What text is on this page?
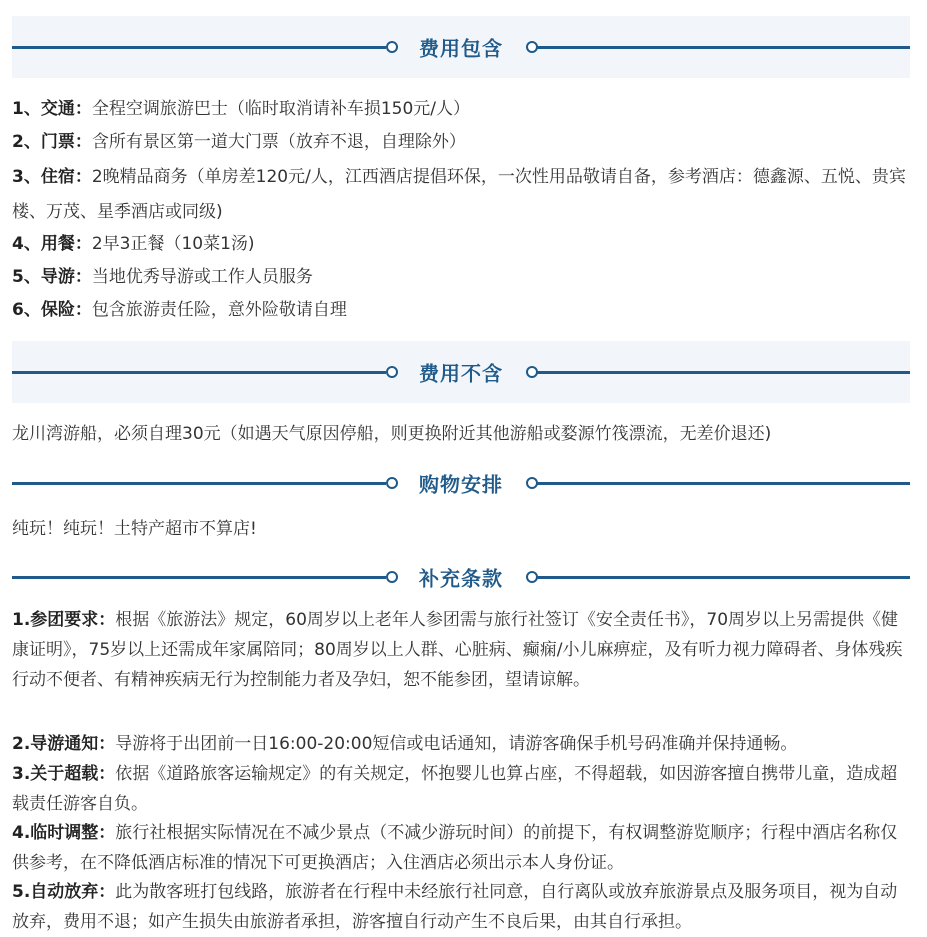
费用包含
1、交通：全程空调旅游巴士（临时取消请补车损150元/人）
2、门票：含所有景区第一道大门票（放弃不退，自理除外）
3、住宿：2晚精品商务（单房差120元/人，江西酒店提倡环保，一次性用品敬请自备，参考酒店：德鑫源、五悦、贵宾楼、万茂、星季酒店或同级)
4、用餐：2早3正餐（10菜1汤)
5、导游：当地优秀导游或工作人员服务
6、保险：包含旅游责任险，意外险敬请自理
费用不含
龙川湾游船，必须自理30元（如遇天气原因停船，则更换附近其他游船或婺源竹筏漂流，无差价退还)
购物安排
纯玩！纯玩！土特产超市不算店!
补充条款
1.参团要求：根据《旅游法》规定，60周岁以上老年人参团需与旅行社签订《安全责任书》，70周岁以上另需提供《健康证明》，75岁以上还需成年家属陪同；80周岁以上人群、心脏病、癫痫/小儿麻痹症，及有听力视力障碍者、身体残疾行动不便者、有精神疾病无行为控制能力者及孕妇，恕不能参团，望请谅解。
2.导游通知：导游将于出团前一日16:00-20:00短信或电话通知，请游客确保手机号码准确并保持通畅。
3.关于超载：依据《道路旅客运输规定》的有关规定，怀抱婴儿也算占座，不得超载，如因游客擅自携带儿童，造成超载责任游客自负。
4.临时调整：旅行社根据实际情况在不减少景点（不减少游玩时间）的前提下，有权调整游览顺序；行程中酒店名称仅供参考，在不降低酒店标准的情况下可更换酒店；入住酒店必须出示本人身份证。
5.自动放弃：此为散客班打包线路，旅游者在行程中未经旅行社同意，自行离队或放弃旅游景点及服务项目，视为自动放弃，费用不退；如产生损失由旅游者承担，游客擅自行动产生不良后果，由其自行承担。
